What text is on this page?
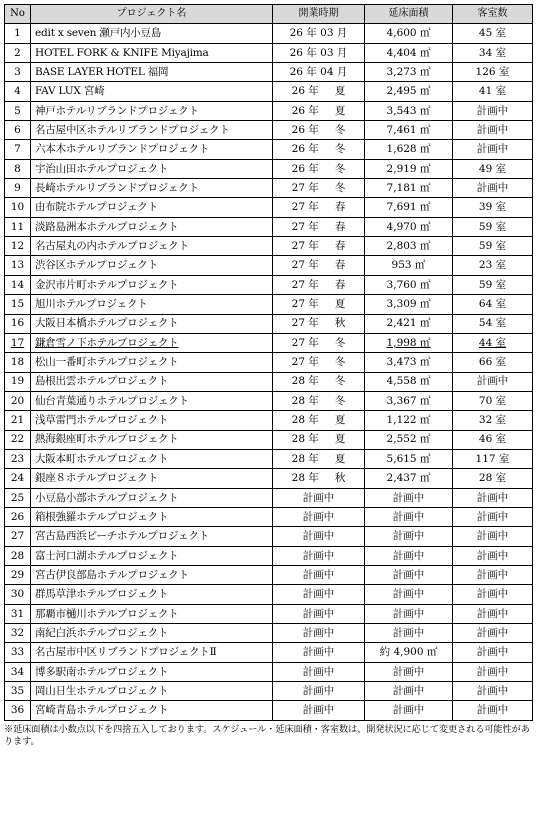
No	プロジェクト名	開業時期	延床面積	客室数
1	edit x seven 瀬戸内小豆島	26 年 03 月	4,600 ㎡	45 室
2	HOTEL FORK & KNIFE Miyajima	26 年 03 月	4,404 ㎡	34 室
3	BASE LAYER HOTEL 福岡	26 年 04 月	3,273 ㎡	126 室
4	FAV LUX 宮崎	26 年 夏	2,495 ㎡	41 室
5	神戸ホテルリブランドプロジェクト	26 年 夏	3,543 ㎡	計画中
6	名古屋中区ホテルリブランドプロジェクト	26 年 冬	7,461 ㎡	計画中
7	六本木ホテルリブランドプロジェクト	26 年 冬	1,628 ㎡	計画中
8	宇治山田ホテルプロジェクト	26 年 冬	2,919 ㎡	49 室
9	長崎ホテルリブランドプロジェクト	27 年 冬	7,181 ㎡	計画中
10	由布院ホテルプロジェクト	27 年 春	7,691 ㎡	39 室
11	淡路島洲本ホテルプロジェクト	27 年 春	4,970 ㎡	59 室
12	名古屋丸の内ホテルプロジェクト	27 年 春	2,803 ㎡	59 室
13	渋谷区ホテルプロジェクト	27 年 春	953 ㎡	23 室
14	金沢市片町ホテルプロジェクト	27 年 春	3,760 ㎡	59 室
15	旭川ホテルプロジェクト	27 年 夏	3,309 ㎡	64 室
16	大阪日本橋ホテルプロジェクト	27 年 秋	2,421 ㎡	54 室
17	鎌倉雪ノ下ホテルプロジェクト	27 年 冬	1,998 ㎡	44 室
18	松山一番町ホテルプロジェクト	27 年 冬	3,473 ㎡	66 室
19	島根出雲ホテルプロジェクト	28 年 冬	4,558 ㎡	計画中
20	仙台青葉通りホテルプロジェクト	28 年 冬	3,367 ㎡	70 室
21	浅草雷門ホテルプロジェクト	28 年 夏	1,122 ㎡	32 室
22	熱海銀座町ホテルプロジェクト	28 年 夏	2,552 ㎡	46 室
23	大阪本町ホテルプロジェクト	28 年 夏	5,615 ㎡	117 室
24	銀座８ホテルプロジェクト	28 年 秋	2,437 ㎡	28 室
25	小豆島小部ホテルプロジェクト	計画中	計画中	計画中
26	箱根強羅ホテルプロジェクト	計画中	計画中	計画中
27	宮古島西浜ビーチホテルプロジェクト	計画中	計画中	計画中
28	富士河口湖ホテルプロジェクト	計画中	計画中	計画中
29	宮古伊良部島ホテルプロジェクト	計画中	計画中	計画中
30	群馬草津ホテルプロジェクト	計画中	計画中	計画中
31	那覇市樋川ホテルプロジェクト	計画中	計画中	計画中
32	南紀白浜ホテルプロジェクト	計画中	計画中	計画中
33	名古屋市中区リブランドプロジェクトⅡ	計画中	約 4,900 ㎡	計画中
34	博多駅南ホテルプロジェクト	計画中	計画中	計画中
35	岡山日生ホテルプロジェクト	計画中	計画中	計画中
36	宮崎青島ホテルプロジェクト	計画中	計画中	計画中
※延床面積は小数点以下を四捨五入しております。スケジュール・延床面積・客室数は、開発状況に応じて変更される可能性があります。
